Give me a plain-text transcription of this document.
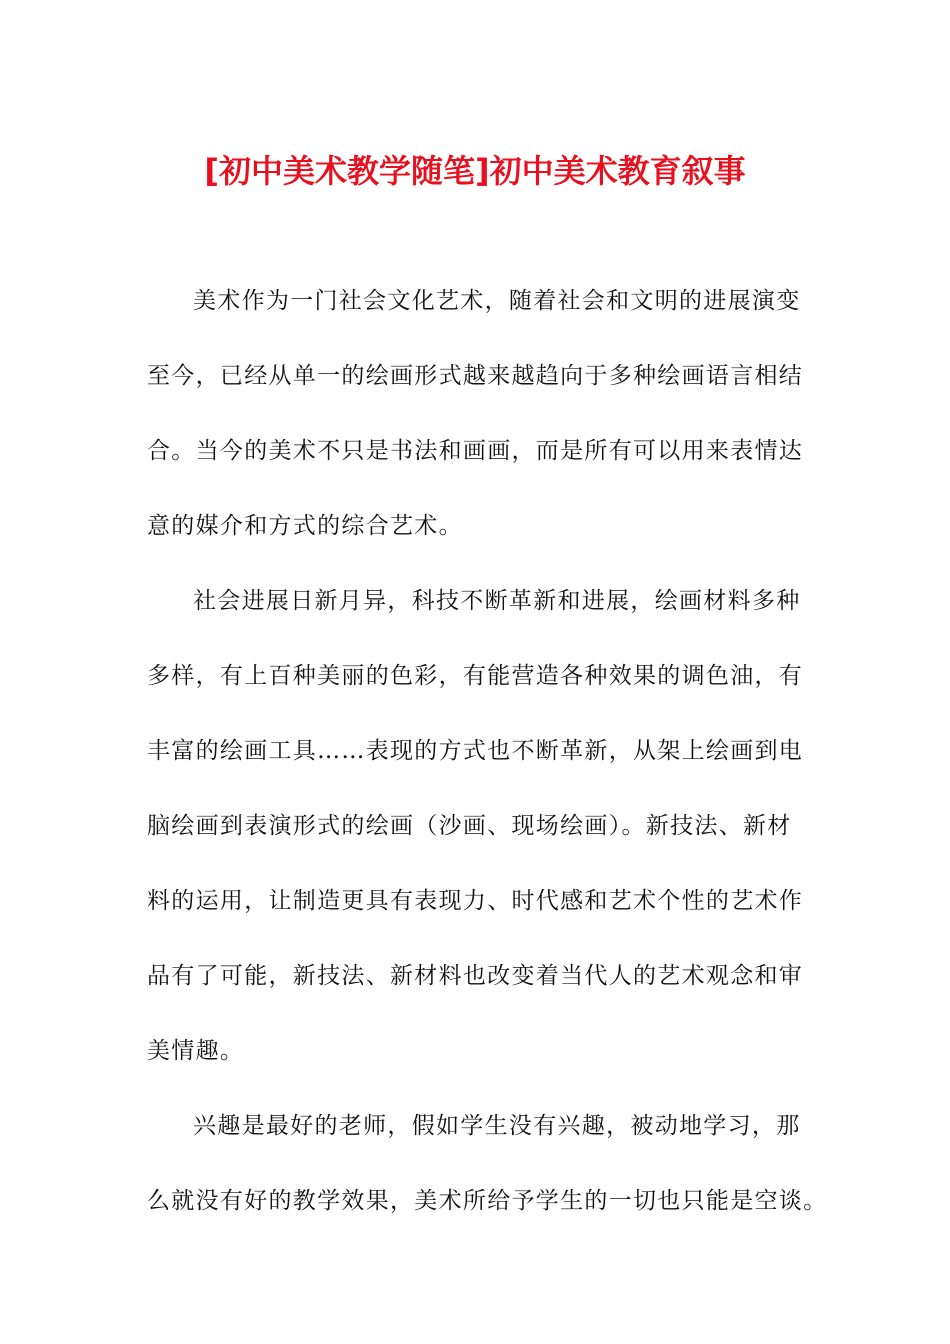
[初中美术教学随笔]初中美术教育叙事
美术作为一门社会文化艺术，随着社会和文明的进展演变
至今，已经从单一的绘画形式越来越趋向于多种绘画语言相结
合。当今的美术不只是书法和画画，而是所有可以用来表情达
意的媒介和方式的综合艺术。
社会进展日新月异，科技不断革新和进展，绘画材料多种
多样，有上百种美丽的色彩，有能营造各种效果的调色油，有
丰富的绘画工具……表现的方式也不断革新，从架上绘画到电
脑绘画到表演形式的绘画（沙画、现场绘画）。新技法、新材
料的运用，让制造更具有表现力、时代感和艺术个性的艺术作
品有了可能，新技法、新材料也改变着当代人的艺术观念和审
美情趣。
兴趣是最好的老师，假如学生没有兴趣，被动地学习，那
么就没有好的教学效果，美术所给予学生的一切也只能是空谈。
